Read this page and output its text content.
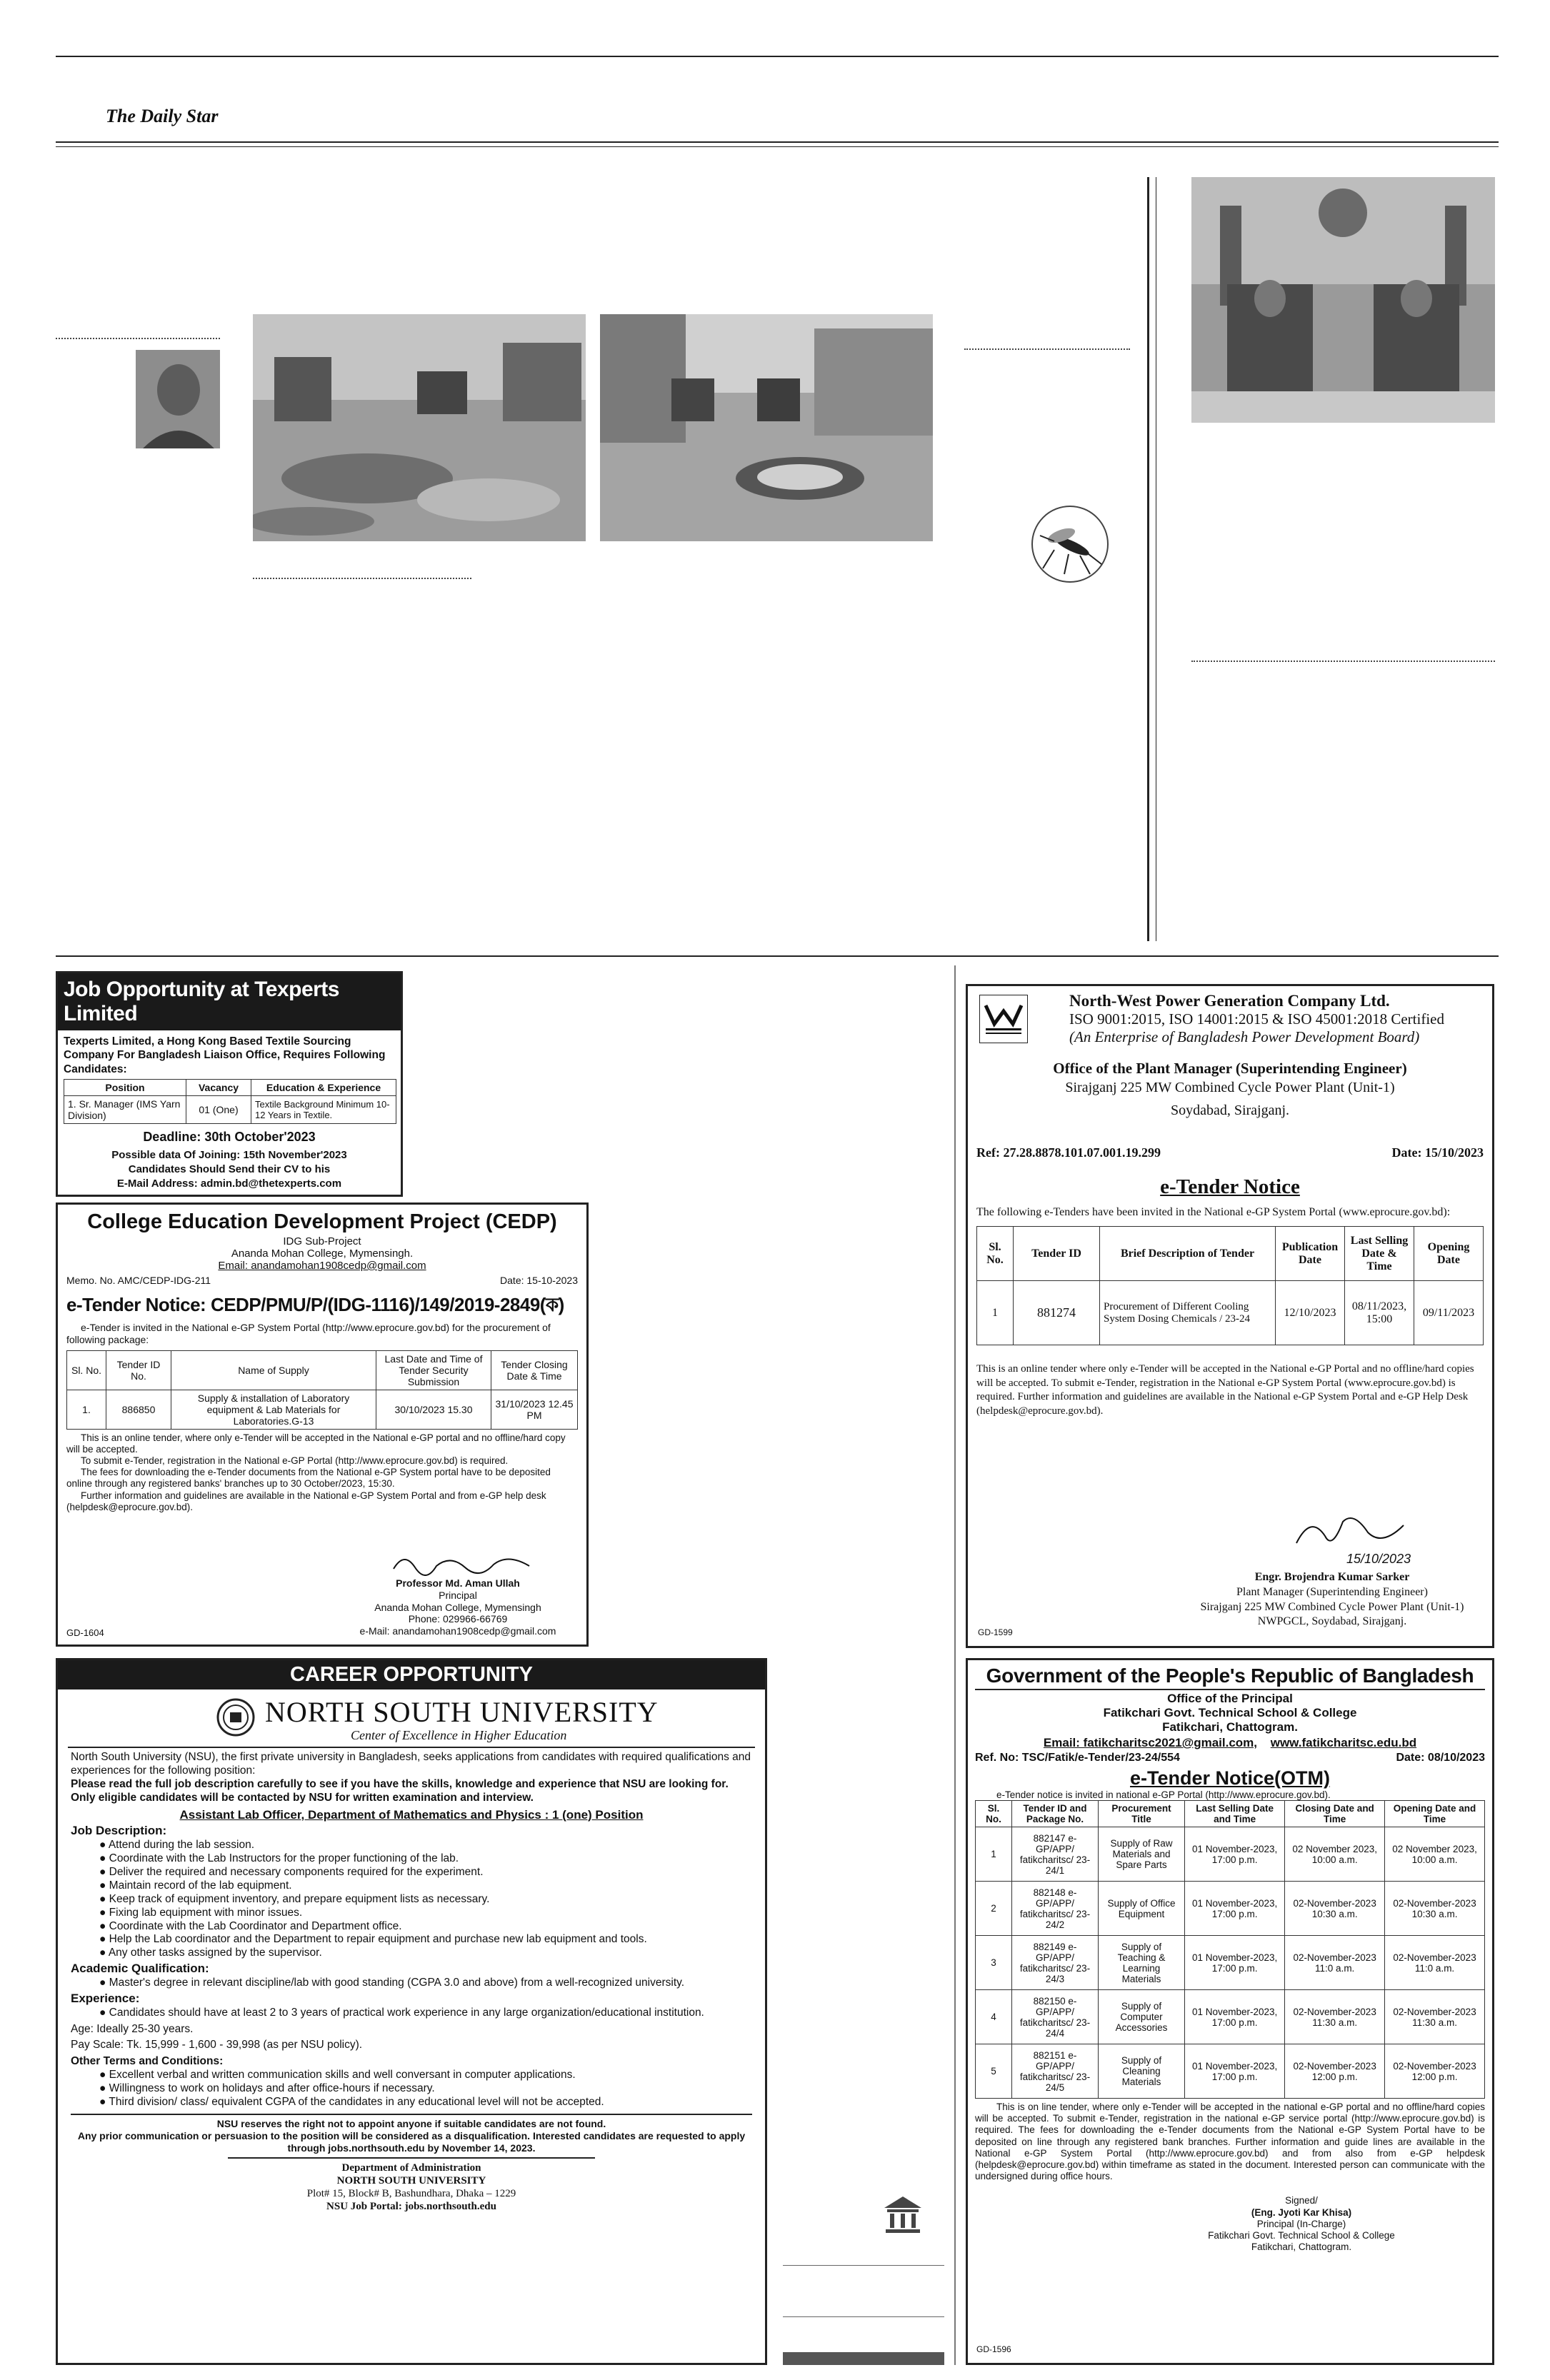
The Daily Star
Job Opportunity at Texperts Limited
Texperts Limited, a Hong Kong Based Textile Sourcing Company For Bangladesh Liaison Office, Requires Following Candidates:
Position	Vacancy	Education & Experience
1. Sr. Manager (IMS Yarn Division)	01 (One)	Textile Background Minimum 10-12 Years in Textile.
Deadline: 30th October'2023
Possible data Of Joining: 15th November'2023
Candidates Should Send their CV to his
E-Mail Address: admin.bd@thetexperts.com
College Education Development Project (CEDP)
IDG Sub-Project
Ananda Mohan College, Mymensingh.
Email: anandamohan1908cedp@gmail.com
Memo. No. AMC/CEDP-IDG-211	Date: 15-10-2023
e-Tender Notice: CEDP/PMU/P/(IDG-1116)/149/2019-2849(ক)
e-Tender is invited in the National e-GP System Portal (http://www.eprocure.gov.bd) for the procurement of following package:
Sl. No.	Tender ID No.	Name of Supply	Last Date and Time of Tender Security Submission	Tender Closing Date & Time
1.	886850	Supply & installation of Laboratory equipment & Lab Materials for Laboratories.G-13	30/10/2023 15.30	31/10/2023 12.45 PM

This is an online tender, where only e-Tender will be accepted in the National e-GP portal and no offline/hard copy will be accepted.

To submit e-Tender, registration in the National e-GP Portal (http://www.eprocure.gov.bd) is required.

The fees for downloading the e-Tender documents from the National e-GP System portal have to be deposited online through any registered banks' branches up to 30 October/2023, 15:30.

Further information and guidelines are available in the National e-GP System Portal and from e-GP help desk (helpdesk@eprocure.gov.bd).

Professor Md. Aman Ullah
Principal
Ananda Mohan College, Mymensingh
Phone: 029966-66769
e-Mail: anandamohan1908cedp@gmail.com
GD-1604
CAREER OPPORTUNITY
NORTH SOUTH UNIVERSITY
Center of Excellence in Higher Education

North South University (NSU), the first private university in Bangladesh, seeks applications from candidates with required qualifications and experiences for the following position:

Please read the full job description carefully to see if you have the skills, knowledge and experience that NSU are looking for. Only eligible candidates will be contacted by NSU for written examination and interview.

Assistant Lab Officer, Department of Mathematics and Physics : 1 (one) Position

Job Description:

● Attend during the lab session.
● Coordinate with the Lab Instructors for the proper functioning of the lab.
● Deliver the required and necessary components required for the experiment.
● Maintain record of the lab equipment.
● Keep track of equipment inventory, and prepare equipment lists as necessary.
● Fixing lab equipment with minor issues.
● Coordinate with the Lab Coordinator and Department office.
● Help the Lab coordinator and the Department to repair equipment and purchase new lab equipment and tools.
● Any other tasks assigned by the supervisor.

Academic Qualification:

● Master's degree in relevant discipline/lab with good standing (CGPA 3.0 and above) from a well-recognized university.

Experience:

● Candidates should have at least 2 to 3 years of practical work experience in any large organization/educational institution.

Age: Ideally 25-30 years.

Pay Scale: Tk. 15,999 - 1,600 - 39,998 (as per NSU policy).

Other Terms and Conditions:

● Excellent verbal and written communication skills and well conversant in computer applications.
● Willingness to work on holidays and after office-hours if necessary.
● Third division/ class/ equivalent CGPA of the candidates in any educational level will not be accepted.

NSU reserves the right not to appoint anyone if suitable candidates are not found.

Any prior communication or persuasion to the position will be considered as a disqualification. Interested candidates are requested to apply through jobs.northsouth.edu by November 14, 2023.

Department of Administration
NORTH SOUTH UNIVERSITY
Plot# 15, Block# B, Bashundhara, Dhaka – 1229
NSU Job Portal: jobs.northsouth.edu
North-West Power Generation Company Ltd.
ISO 9001:2015, ISO 14001:2015 & ISO 45001:2018 Certified
(An Enterprise of Bangladesh Power Development Board)
Office of the Plant Manager (Superintending Engineer)
Sirajganj 225 MW Combined Cycle Power Plant (Unit-1)
Soydabad, Sirajganj.
Ref: 27.28.8878.101.07.001.19.299	Date: 15/10/2023
e-Tender Notice
The following e-Tenders have been invited in the National e-GP System Portal (www.eprocure.gov.bd):
Sl. No.	Tender ID	Brief Description of Tender	Publication Date	Last Selling Date & Time	Opening Date
1	881274	Procurement of Different Cooling System Dosing Chemicals / 23-24	12/10/2023	08/11/2023, 15:00	09/11/2023
This is an online tender where only e-Tender will be accepted in the National e-GP Portal and no offline/hard copies will be accepted. To submit e-Tender, registration in the National e-GP System Portal (www.eprocure.gov.bd) is required. Further information and guidelines are available in the National e-GP System Portal and e-GP Help Desk (helpdesk@eprocure.gov.bd).
15/10/2023
Engr. Brojendra Kumar Sarker
Plant Manager (Superintending Engineer)
Sirajganj 225 MW Combined Cycle Power Plant (Unit-1)
NWPGCL, Soydabad, Sirajganj.
GD-1599
Government of the People's Republic of Bangladesh
Office of the Principal
Fatikchari Govt. Technical School & College
Fatikchari, Chattogram.
Email: fatikcharitsc2021@gmail.com, www.fatikcharitsc.edu.bd
Ref. No: TSC/Fatik/e-Tender/23-24/554	Date: 08/10/2023
e-Tender Notice(OTM)
e-Tender notice is invited in national e-GP Portal (http://www.eprocure.gov.bd).
Sl. No.	Tender ID and Package No.	Procurement Title	Last Selling Date and Time	Closing Date and Time	Opening Date and Time
1	882147 e-GP/APP/ fatikcharitsc/ 23-24/1	Supply of Raw Materials and Spare Parts	01 November-2023, 17:00 p.m.	02 November 2023, 10:00 a.m.	02 November 2023, 10:00 a.m.
2	882148 e-GP/APP/ fatikcharitsc/ 23-24/2	Supply of Office Equipment	01 November-2023, 17:00 p.m.	02-November-2023 10:30 a.m.	02-November-2023 10:30 a.m.
3	882149 e-GP/APP/ fatikcharitsc/ 23-24/3	Supply of Teaching & Learning Materials	01 November-2023, 17:00 p.m.	02-November-2023 11:0 a.m.	02-November-2023 11:0 a.m.
4	882150 e-GP/APP/ fatikcharitsc/ 23-24/4	Supply of Computer Accessories	01 November-2023, 17:00 p.m.	02-November-2023 11:30 a.m.	02-November-2023 11:30 a.m.
5	882151 e-GP/APP/ fatikcharitsc/ 23-24/5	Supply of Cleaning Materials	01 November-2023, 17:00 p.m.	02-November-2023 12:00 p.m.	02-November-2023 12:00 p.m.
This is on line tender, where only e-Tender will be accepted in the national e-GP portal and no offline/hard copies will be accepted. To submit e-Tender, registration in the national e-GP service portal (http://www.eprocure.gov.bd) is required. The fees for downloading the e-Tender documents from the National e-GP System Portal have to be deposited on line through any registered bank branches. Further information and guide lines are available in the National e-GP System Portal (http://www.eprocure.gov.bd) and from also from e-GP helpdesk (helpdesk@eprocure.gov.bd) within timeframe as stated in the document. Interested person can communicate with the undersigned during office hours.
Signed/
(Eng. Jyoti Kar Khisa)
Principal (In-Charge)
Fatikchari Govt. Technical School & College
Fatikchari, Chattogram.
GD-1596
